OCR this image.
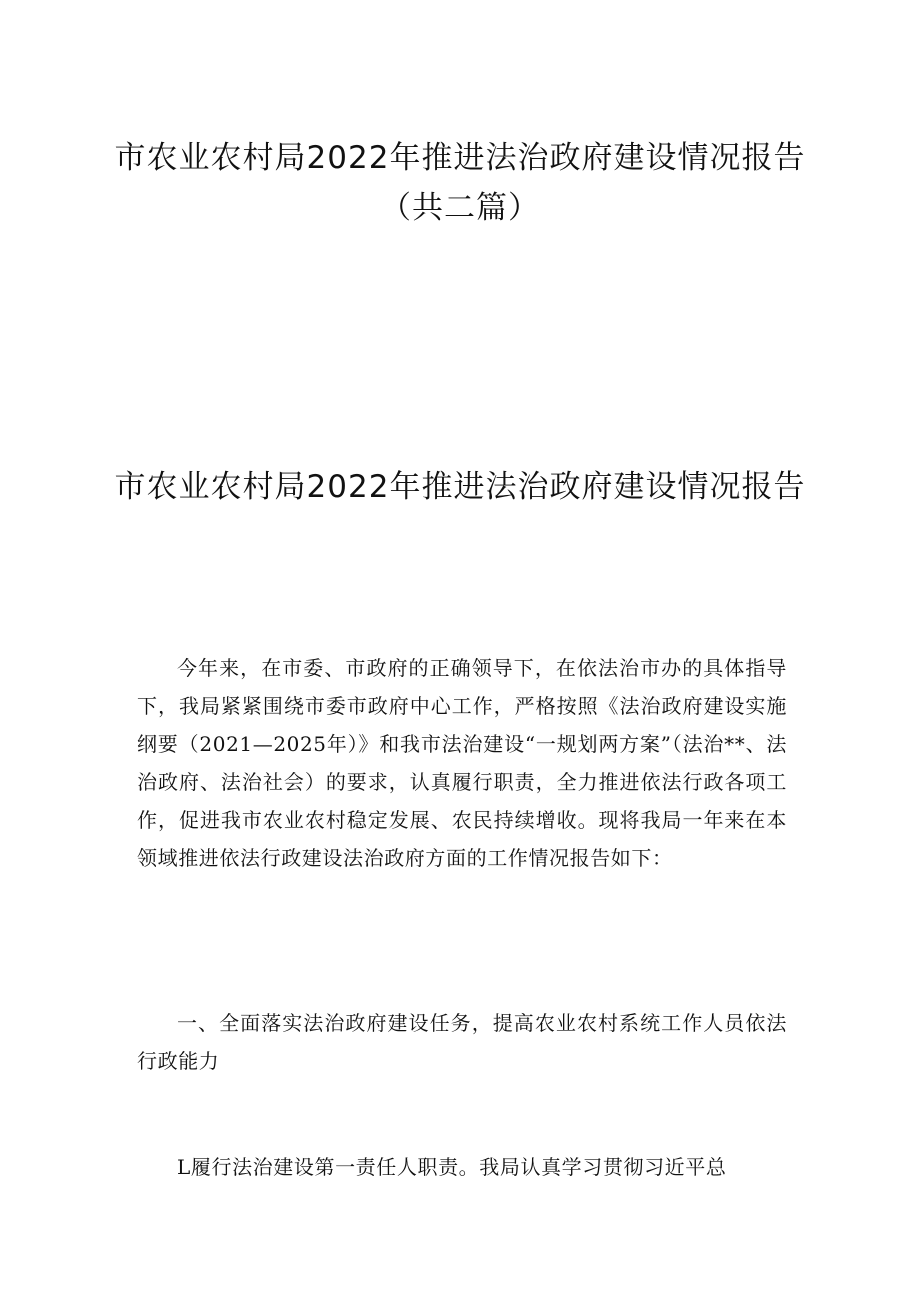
市农业农村局2022年推进法治政府建设情况报告（共二篇）
市农业农村局2022年推进法治政府建设情况报告

今年来，在市委、市政府的正确领导下，在依法治市办的具体指导下，我局紧紧围绕市委市政府中心工作，严格按照《法治政府建设实施纲要（2021—2025年）》和我市法治建设“一规划两方案”（法治**、法治政府、法治社会）的要求，认真履行职责，全力推进依法行政各项工作，促进我市农业农村稳定发展、农民持续增收。现将我局一年来在本领域推进依法行政建设法治政府方面的工作情况报告如下：

一、全面落实法治政府建设任务，提高农业农村系统工作人员依法行政能力

L履行法治建设第一责任人职责。我局认真学习贯彻习近平总
